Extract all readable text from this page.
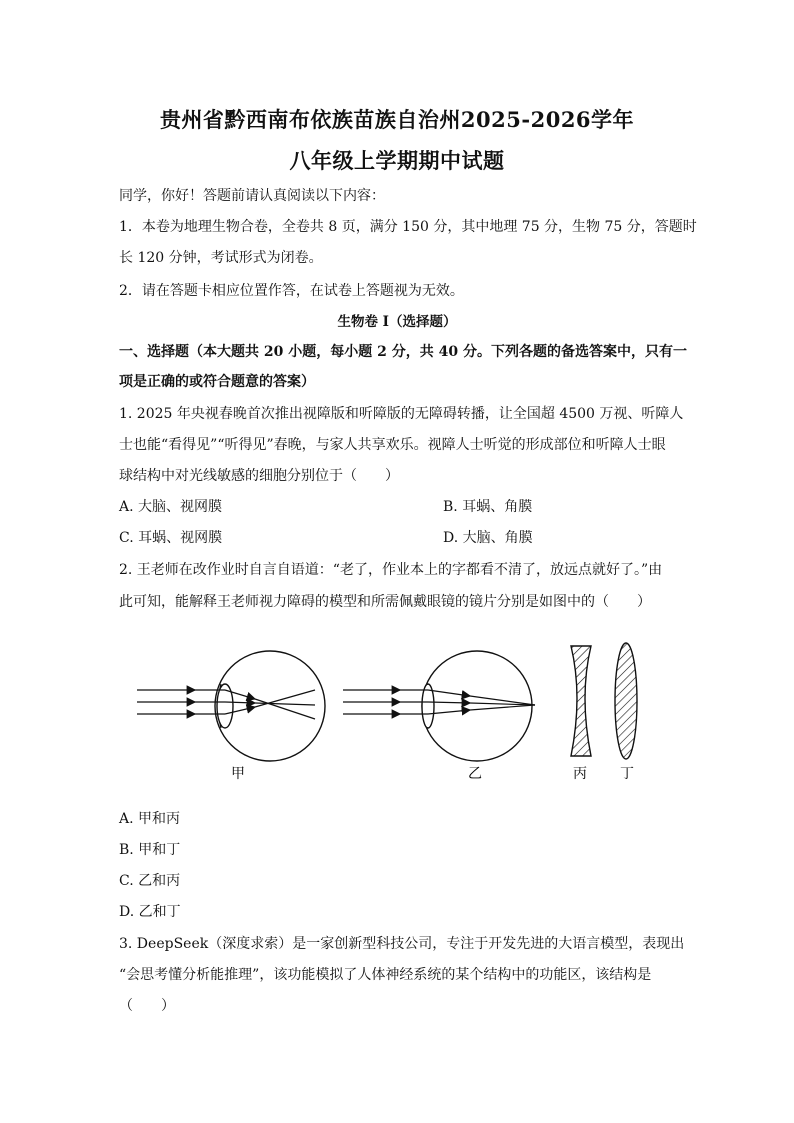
贵州省黔西南布依族苗族自治州2025-2026学年
八年级上学期期中试题
同学，你好！答题前请认真阅读以下内容：
1．本卷为地理生物合卷，全卷共 8 页，满分 150 分，其中地理 75 分，生物 75 分，答题时
长 120 分钟，考试形式为闭卷。
2．请在答题卡相应位置作答，在试卷上答题视为无效。
生物卷 I（选择题）
一、选择题（本大题共 20 小题，每小题 2 分，共 40 分。下列各题的备选答案中，只有一
项是正确的或符合题意的答案）
1. 2025 年央视春晚首次推出视障版和听障版的无障碍转播，让全国超 4500 万视、听障人
士也能“看得见”“听得见”春晚，与家人共享欢乐。视障人士听觉的形成部位和听障人士眼
球结构中对光线敏感的细胞分别位于（　　）
A. 大脑、视网膜	B. 耳蜗、角膜
C. 耳蜗、视网膜	D. 大脑、角膜
2. 王老师在改作业时自言自语道：“老了，作业本上的字都看不清了，放远点就好了。”由
此可知，能解释王老师视力障碍的模型和所需佩戴眼镜的镜片分别是如图中的（　　）
甲	乙	丙 丁
A. 甲和丙
B. 甲和丁
C. 乙和丙
D. 乙和丁
3. DeepSeek（深度求索）是一家创新型科技公司，专注于开发先进的大语言模型，表现出
“会思考懂分析能推理”，该功能模拟了人体神经系统的某个结构中的功能区，该结构是
（　　）
